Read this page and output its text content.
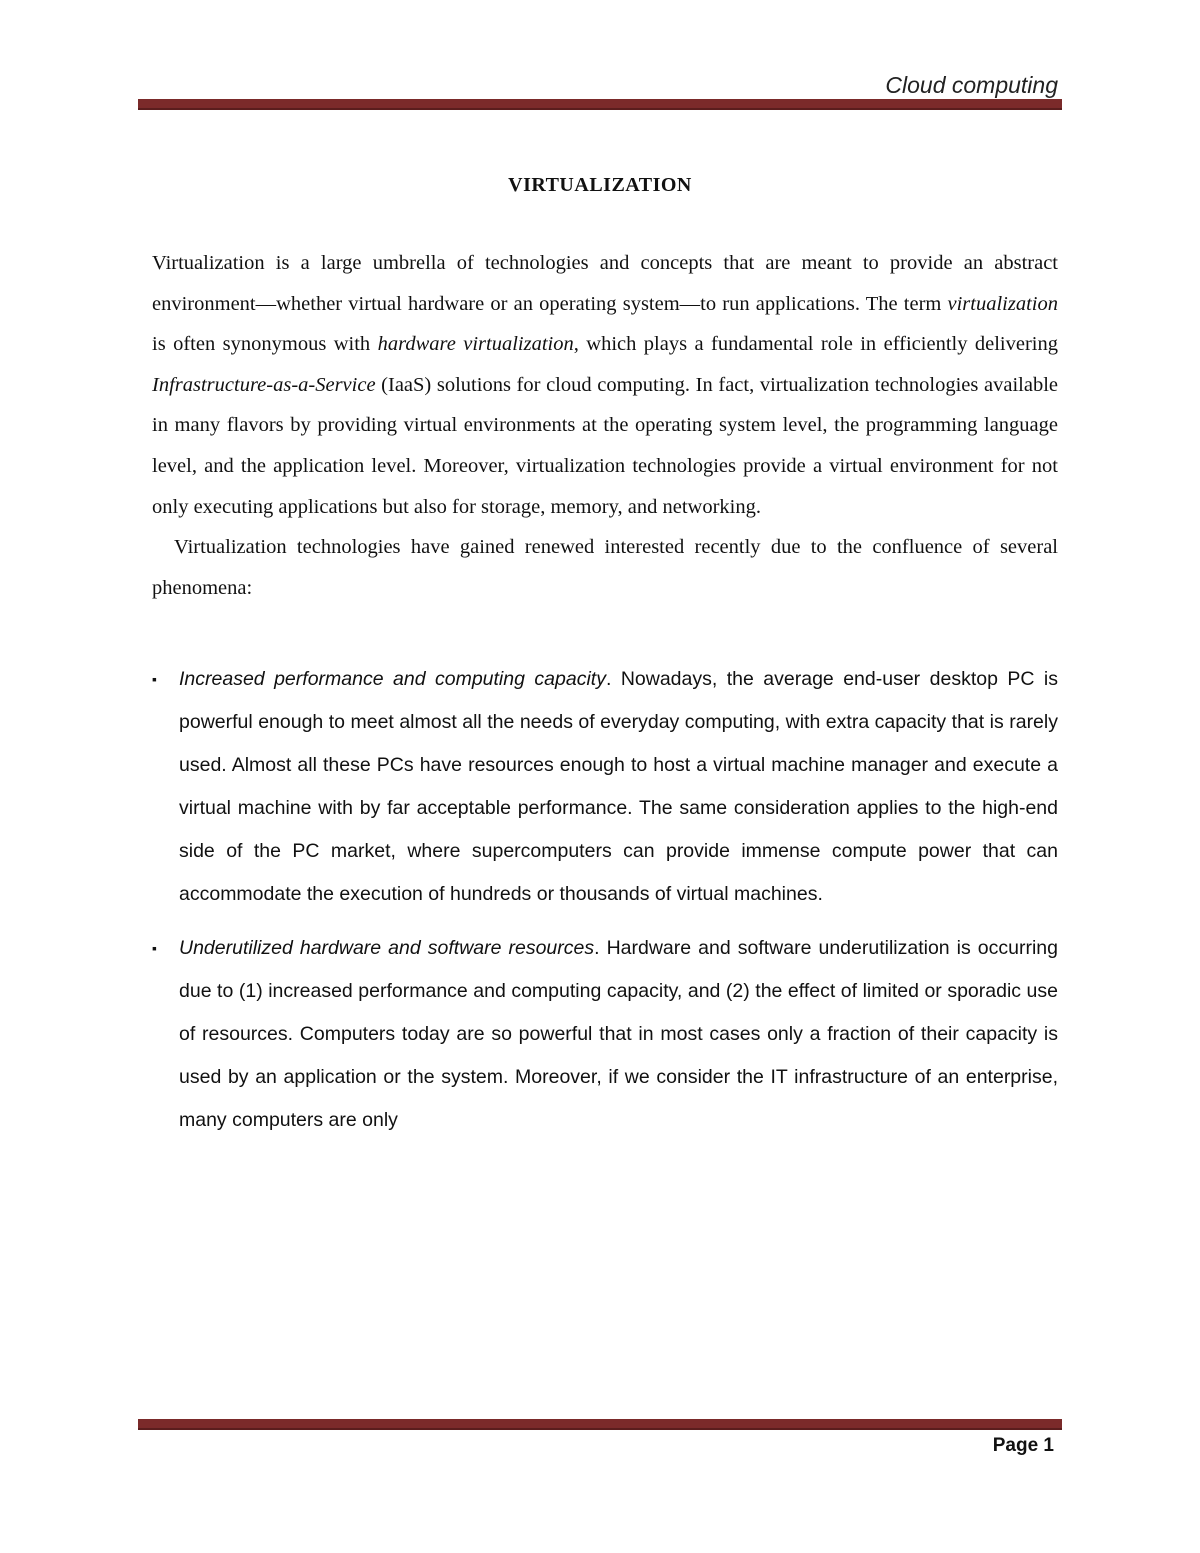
Cloud computing
VIRTUALIZATION

Virtualization is a large umbrella of technologies and concepts that are meant to provide an abstract environment—whether virtual hardware or an operating system—to run applications. The term virtualization is often synonymous with hardware virtualization, which plays a fundamental role in efficiently delivering Infrastructure-as-a-Service (IaaS) solutions for cloud computing. In fact, virtualization technologies available in many flavors by providing virtual environments at the operating system level, the programming language level, and the application level. Moreover, virtualization technologies provide a virtual environment for not only executing applications but also for storage, memory, and networking.

Virtualization technologies have gained renewed interested recently due to the confluence of several phenomena:

▪ Increased performance and computing capacity. Nowadays, the average end-user desktop PC is powerful enough to meet almost all the needs of everyday computing, with extra capacity that is rarely used. Almost all these PCs have resources enough to host a virtual machine manager and execute a virtual machine with by far acceptable performance. The same consideration applies to the high-end side of the PC market, where supercomputers can provide immense compute power that can accommodate the execution of hundreds or thousands of virtual machines.
▪ Underutilized hardware and software resources. Hardware and software underutilization is occurring due to (1) increased performance and computing capacity, and (2) the effect of limited or sporadic use of resources. Computers today are so powerful that in most cases only a fraction of their capacity is used by an application or the system. Moreover, if we consider the IT infrastructure of an enterprise, many computers are only
Page 1
